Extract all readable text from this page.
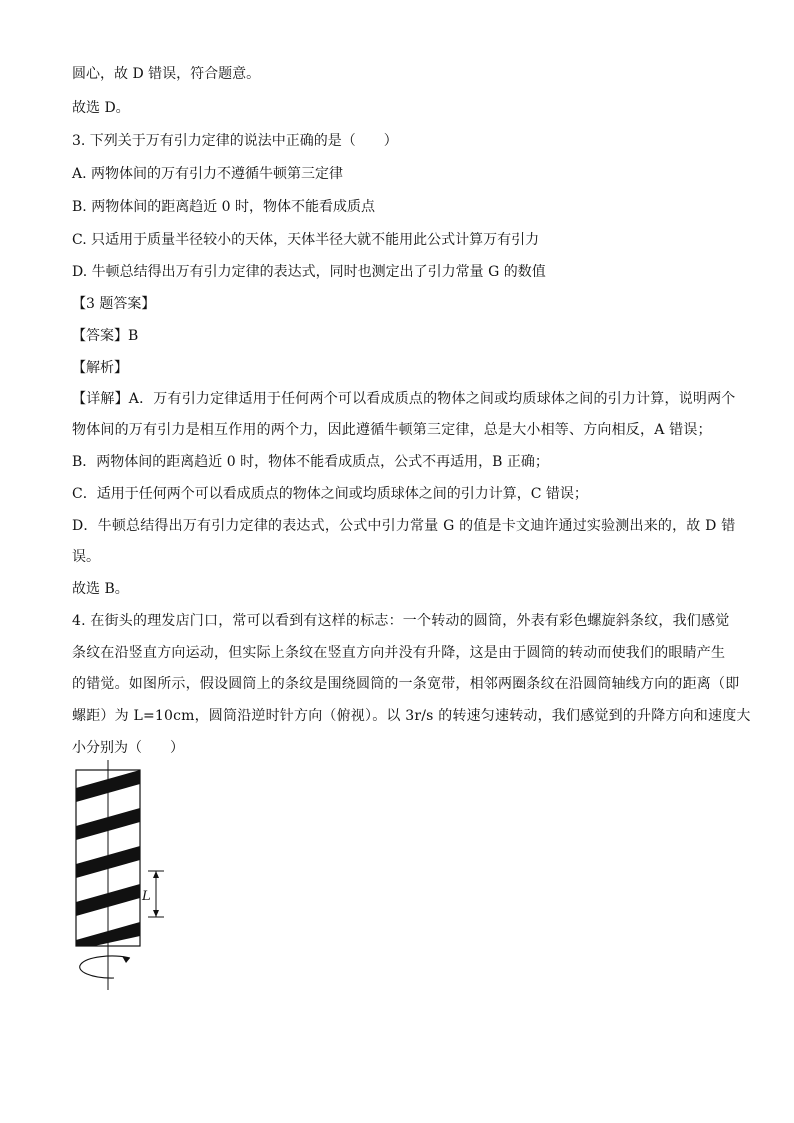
圆心，故 D 错误，符合题意。
故选 D。
3. 下列关于万有引力定律的说法中正确的是（　　）
A. 两物体间的万有引力不遵循牛顿第三定律
B. 两物体间的距离趋近 0 时，物体不能看成质点
C. 只适用于质量半径较小的天体，天体半径大就不能用此公式计算万有引力
D. 牛顿总结得出万有引力定律的表达式，同时也测定出了引力常量 G 的数值
【3 题答案】
【答案】B
【解析】
【详解】A．万有引力定律适用于任何两个可以看成质点的物体之间或均质球体之间的引力计算，说明两个
物体间的万有引力是相互作用的两个力，因此遵循牛顿第三定律，总是大小相等、方向相反，A 错误；
B．两物体间的距离趋近 0 时，物体不能看成质点，公式不再适用，B 正确；
C．适用于任何两个可以看成质点的物体之间或均质球体之间的引力计算，C 错误；
D．牛顿总结得出万有引力定律的表达式，公式中引力常量 G 的值是卡文迪许通过实验测出来的，故 D 错
误。
故选 B。
4. 在街头的理发店门口，常可以看到有这样的标志：一个转动的圆筒，外表有彩色螺旋斜条纹，我们感觉
条纹在沿竖直方向运动，但实际上条纹在竖直方向并没有升降，这是由于圆筒的转动而使我们的眼睛产生
的错觉。如图所示，假设圆筒上的条纹是围绕圆筒的一条宽带，相邻两圈条纹在沿圆筒轴线方向的距离（即
螺距）为 L=10cm，圆筒沿逆时针方向（俯视）。以 3r/s 的转速匀速转动，我们感觉到的升降方向和速度大
小分别为（　　）
L
